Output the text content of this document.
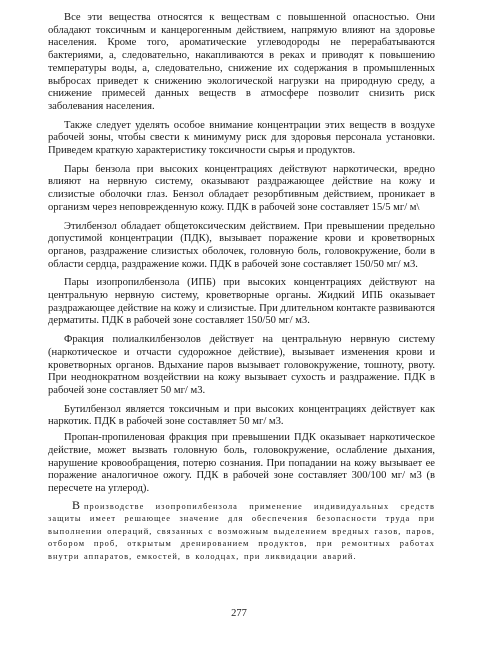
Все эти вещества относятся к веществам с повышенной опасностью. Они обладают токсичным и канцерогенным действием, напрямую влияют на здоровье населения. Кроме того, ароматические углеводороды не перерабатываются бактериями, а, следовательно, накапливаются в реках и приводят к повышению температуры воды, а, следовательно, снижение их содержания в промышленных выбросах приведет к снижению экологической нагрузки на природную среду, а снижение примесей данных веществ в атмосфере позволит снизить риск заболевания населения.

Также следует уделять особое внимание концентрации этих веществ в воздухе рабочей зоны, чтобы свести к минимуму риск для здоровья персонала установки. Приведем краткую характеристику токсичности сырья и продуктов.

Пары бензола при высоких концентрациях действуют наркотически, вредно влияют на нервную систему, оказывают раздражающее действие на кожу и слизистые оболочки глаз. Бензол обладает резорбтивным действием, проникает в организм через неповрежденную кожу. ПДК в рабочей зоне составляет 15/5 мг/ м\

Этилбензол обладает общетоксическим действием. При превышении предельно допустимой концентрации (ПДК), вызывает поражение крови и кроветворных органов, раздражение слизистых оболочек, головную боль, головокружение, боли в области сердца, раздражение кожи. ПДК в рабочей зоне составляет 150/50 мг/ м3.

Пары изопропилбензола (ИПБ) при высоких концентрациях действуют на центральную нервную систему, кроветворные органы. Жидкий ИПБ оказывает раздражающее действие на кожу и слизистые. При длительном контакте развиваются дерматиты. ПДК в рабочей зоне составляет 150/50 мг/ м3.

Фракция полиалкилбензолов действует на центральную нервную систему (наркотическое и отчасти судорожное действие), вызывает изменения крови и кроветворных органов. Вдыхание паров вызывает головокружение, тошноту, рвоту. При неоднократном воздействии на кожу вызывает сухость и раздражение. ПДК в рабочей зоне составляет 50 мг/ м3.

Бутилбензол является токсичным и при высоких концентрациях действует как наркотик. ПДК в рабочей зоне составляет 50 мг/ м3.

Пропан-пропиленовая фракция при превышении ПДК оказывает наркотическое действие, может вызвать головную боль, головокружение, ослабление дыхания, нарушение кровообращения, потерю сознания. При попадании на кожу вызывает ее поражение аналогичное ожогу. ПДК в рабочей зоне составляет 300/100 мг/ м3 (в пересчете на углерод).

В производстве изопропилбензола применение индивидуальных средств защиты имеет решающее значение для обеспечения безопасности труда при выполнении операций, связанных с возможным выделением вредных газов, паров, отбором проб, открытым дренированием продуктов, при ремонтных работах внутри аппаратов, емкостей, в колодцах, при ликвидации аварий.

277
